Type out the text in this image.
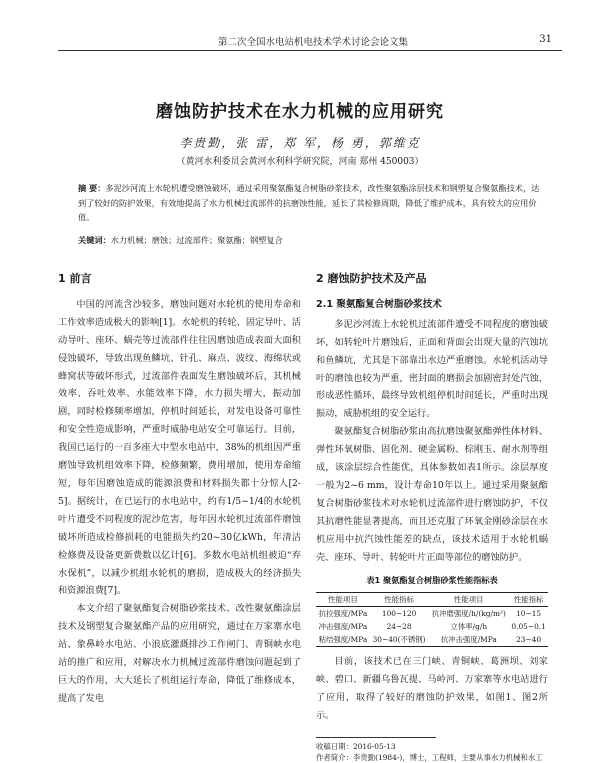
第二次全国水电站机电技术学术讨论会论文集	31
磨蚀防护技术在水力机械的应用研究
李贵勤，张 雷，郑 军，杨 勇，郭维克
（黄河水利委员会黄河水利科学研究院，河南 郑州 450003）
摘 要：多泥沙河流上水轮机遭受磨蚀破坏，通过采用聚氨酯复合树脂砂浆技术，改性聚氨酯涂层技术和钢塑复合聚氨酯技术，达到了较好的防护效果，有效地提高了水力机械过流部件的抗磨蚀性能，延长了其检修周期，降低了维护成本，具有较大的应用价值。
关键词：水力机械；磨蚀；过流部件；聚氨酯；钢塑复合
1 前言

中国的河流含沙较多，磨蚀问题对水轮机的使用寿命和工作效率造成极大的影响[1]。水轮机的转轮、固定导叶、活动导叶、座环、蜗壳等过流部件往往因磨蚀造成表面大面积侵蚀破坏，导致出现鱼鳞坑、针孔、麻点、波纹、海绵状或蜂窝状等破坏形式，过流部件表面发生磨蚀破坏后，其机械效率、吞吐效率、水能效率下降，水力损失增大，振动加剧，同时检修频率增加，停机时间延长，对发电设备可靠性和安全性造成影响，严重时威胁电站安全可靠运行。目前，我国已运行的一百多座大中型水电站中，38%的机组因严重磨蚀导致机组效率下降，检修频繁，费用增加，使用寿命缩短，每年因磨蚀造成的能源浪费和材料损失都十分惊人[2-5]。据统计，在已运行的水电站中，约有1/5~1/4的水轮机叶片遭受不同程度的泥沙危害，每年因水轮机过流部件磨蚀破坏所造成检修损耗的电能损失约20~30亿kWh，年清洁检修费及设备更新费数以亿计[6]。多数水电站机组被迫“弃水保机”，以减少机组水轮机的磨损，造成极大的经济损失和资源浪费[7]。

本文介绍了聚氨酯复合树脂砂浆技术、改性聚氨酯涂层技术及钢塑复合聚氨酯产品的应用研究，通过在万家寨水电站、象鼻岭水电站、小浪底灌溉排沙工作闸门、青铜峡水电站的推广和应用，对解决水力机械过流部件磨蚀问题起到了巨大的作用，大大延长了机组运行寿命，降低了维修成本，提高了发电

2 磨蚀防护技术及产品
2.1 聚氨酯复合树脂砂浆技术

多泥沙河流上水轮机过流部件遭受不同程度的磨蚀破坏，如转轮叶片磨蚀后，正面和背面会出现大量的汽蚀坑和鱼鳞坑，尤其是下部靠出水边严重磨蚀。水轮机活动导叶的磨蚀也较为严重，密封面的磨损会加剧密封处汽蚀，形成恶性循环，最终导致机组停机时间延长，严重时出现振动，威胁机组的安全运行。

聚氨酯复合树脂砂浆由高抗磨蚀聚氨酯弹性体材料、弹性环氧树脂、固化剂、硬金属粉、棕刚玉、耐水剂等组成，该涂层综合性能优，具体参数如表1所示。涂层厚度一般为2~6 mm，设计寿命10年以上。通过采用聚氨酯复合树脂砂浆技术对水轮机过流部件进行磨蚀防护，不仅其抗磨性能显著提高，而且还克服了环氧金刚砂涂层在水机应用中抗汽蚀性能差的缺点，该技术适用于水轮机蜗壳、座环、导叶、转轮叶片正面等部位的磨蚀防护。

表1 聚氨酯复合树脂砂浆性能指标表
性能项目	性能指标	性能项目	性能指标
抗拉强度/MPa	100~120	抗冲磨强度/h/(kg/m²)	10~15
冲击强度/MPa	24~28	立体率/g/h	0.05~0.1
粘结强度/MPa	30~40(不锈钢)	抗冲击强度/MPa	23~40

目前，该技术已在三门峡、青铜峡、葛洲坝、刘家峡、碧口、新疆乌鲁瓦提、马岭河、万家寨等水电站进行了应用，取得了较好的磨蚀防护效果，如图1、图2所示。

收稿日期：2016-05-13

作者简介：李贵勤(1984-)，博士，工程师，主要从事水力机械和水工
